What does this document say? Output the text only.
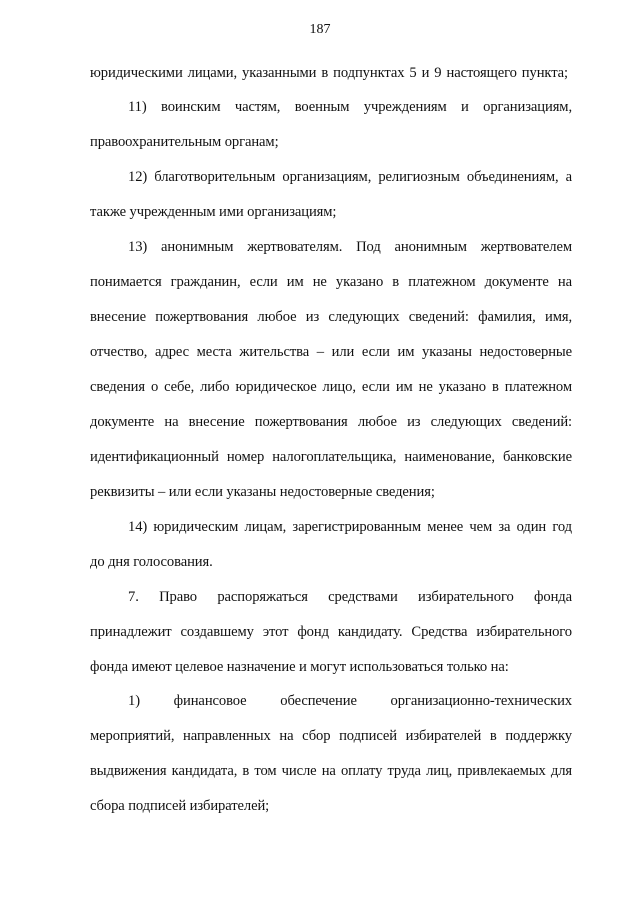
187
юридическими лицами, указанными в подпунктах 5 и 9 настоящего пункта;
11) воинским частям, военным учреждениям и организациям,
правоохранительным органам;
12) благотворительным организациям, религиозным объединениям, а
также учрежденным ими организациям;
13) анонимным жертвователям. Под анонимным жертвователем
понимается гражданин, если им не указано в платежном документе на
внесение пожертвования любое из следующих сведений: фамилия, имя,
отчество, адрес места жительства – или если им указаны недостоверные
сведения о себе, либо юридическое лицо, если им не указано в платежном
документе на внесение пожертвования любое из следующих сведений:
идентификационный номер налогоплательщика, наименование, банковские
реквизиты – или если указаны недостоверные сведения;
14) юридическим лицам, зарегистрированным менее чем за один год
до дня голосования.
7. Право распоряжаться средствами избирательного фонда
принадлежит создавшему этот фонд кандидату. Средства избирательного
фонда имеют целевое назначение и могут использоваться только на:
1) финансовое обеспечение организационно-технических
мероприятий, направленных на сбор подписей избирателей в поддержку
выдвижения кандидата, в том числе на оплату труда лиц, привлекаемых для
сбора подписей избирателей;
